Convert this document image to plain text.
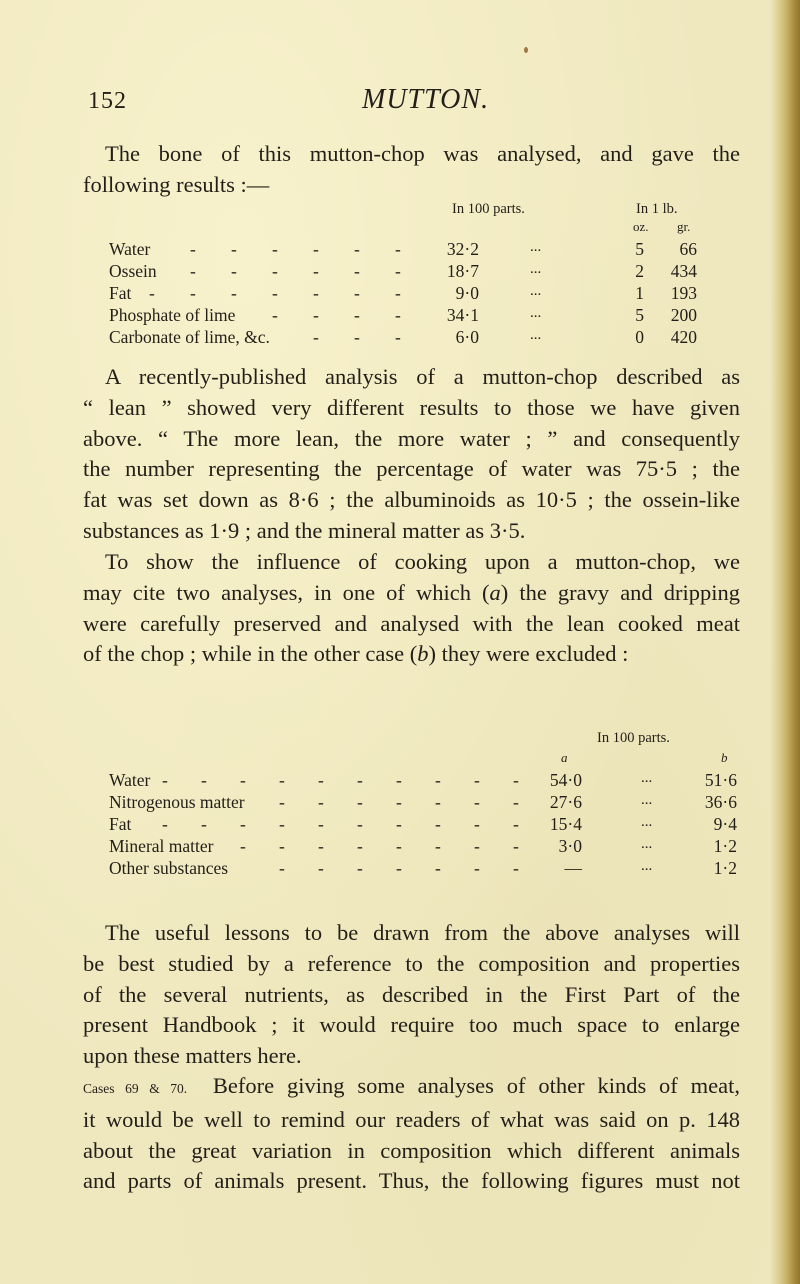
152	MUTTON.
The bone of this mutton-chop was analysed, and gave the
following results :—
In 100 parts.	In 1 lb.
oz. gr.
Water - - - - - -	32·2	...	5 66
Ossein - - - - - -	18·7	...	2 434
Fat - - - - - - -	9·0	...	1 193
Phosphate of lime - - - -	34·1	...	5 200
Carbonate of lime, &c. - - -	6·0	...	0 420
A recently-published analysis of a mutton-chop described as
“ lean ” showed very different results to those we have given
above. “ The more lean, the more water ; ” and consequently
the number representing the percentage of water was 75·5 ; the
fat was set down as 8·6 ; the albuminoids as 10·5 ; the ossein-like
substances as 1·9 ; and the mineral matter as 3·5.
To show the influence of cooking upon a mutton-chop, we
may cite two analyses, in one of which (a) the gravy and dripping
were carefully preserved and analysed with the lean cooked meat
of the chop ; while in the other case (b) they were excluded :
In 100 parts.
a	b
Water - - - - - - - - - - 54·0	...	51·6
Nitrogenous matter - - - - - - - 27·6	...	36·6
Fat - - - - - - - - - - 15·4	...	9·4
Mineral matter - - - - - - - - 3·0	...	1·2
Other substances	- - - - - - -	—	...	1·2
The useful lessons to be drawn from the above analyses will
be best studied by a reference to the composition and properties
of the several nutrients, as described in the First Part of the
present Handbook ; it would require too much space to enlarge
upon these matters here.
Cases 69 & 70. Before giving some analyses of other kinds of meat,
it would be well to remind our readers of what was said on p. 148
about the great variation in composition which different animals
and parts of animals present. Thus, the following figures must not
